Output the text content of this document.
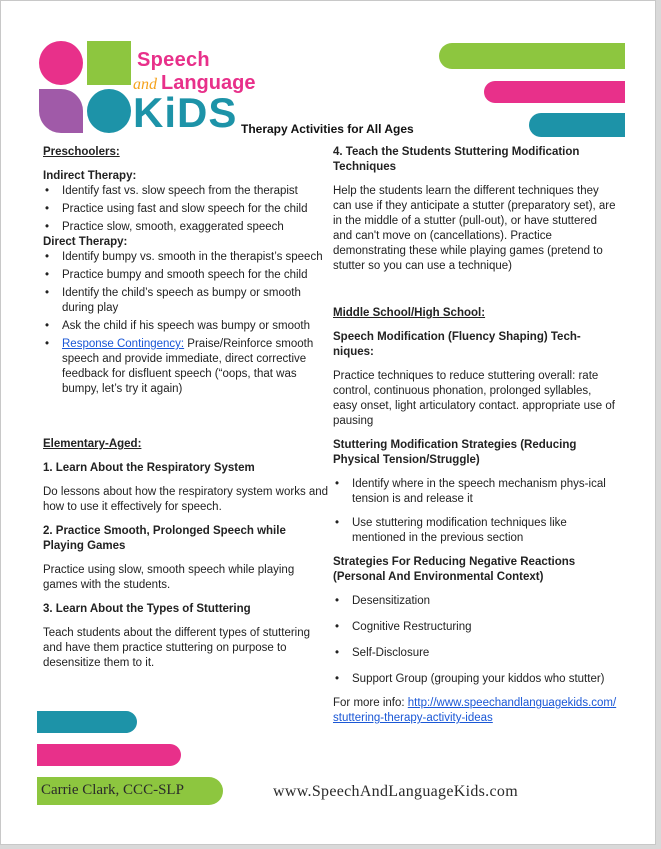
Speech
and Language
KiDS Therapy Activities for All Ages
Preschoolers:
Indirect Therapy:
• Identify fast vs. slow speech from the therapist
• Practice using fast and slow speech for the child
• Practice slow, smooth, exaggerated speech
Direct Therapy:
• Identify bumpy vs. smooth in the therapist’s speech
• Practice bumpy and smooth speech for the child
• Identify the child’s speech as bumpy or smooth during play
• Ask the child if his speech was bumpy or smooth
• Response Contingency: Praise/Reinforce smooth speech and provide immediate, direct corrective feedback for disfluent speech (“oops, that was bumpy, let’s try it again)
Elementary-Aged:
1. Learn About the Respiratory System
Do lessons about how the respiratory system works and how to use it effectively for speech.
2. Practice Smooth, Prolonged Speech while Playing Games
Practice using slow, smooth speech while playing games with the students.
3. Learn About the Types of Stuttering
Teach students about the different types of stuttering and have them practice stuttering on purpose to desensitize them to it.
4. Teach the Students Stuttering Modification Techniques
Help the students learn the different techniques they can use if they anticipate a stutter (preparatory set), are in the middle of a stutter (pull-out), or have stuttered and can't move on (cancellations). Practice demonstrating these while playing games (pretend to stutter so you can use a technique)
Middle School/High School:
Speech Modification (Fluency Shaping) Tech-niques:
Practice techniques to reduce stuttering overall: rate control, continuous phonation, prolonged syllables, easy onset, light articulatory contact. appropriate use of pausing
Stuttering Modification Strategies (Reducing Physical Tension/Struggle)
• Identify where in the speech mechanism phys-ical tension is and release it
• Use stuttering modification techniques like mentioned in the previous section
Strategies For Reducing Negative Reactions (Personal And Environmental Context)
• Desensitization
• Cognitive Restructuring
• Self-Disclosure
• Support Group (grouping your kiddos who stutter)
For more info: http://www.speechandlanguagekids.com/stuttering-therapy-activity-ideas
Carrie Clark, CCC-SLP	www.SpeechAndLanguageKids.com
